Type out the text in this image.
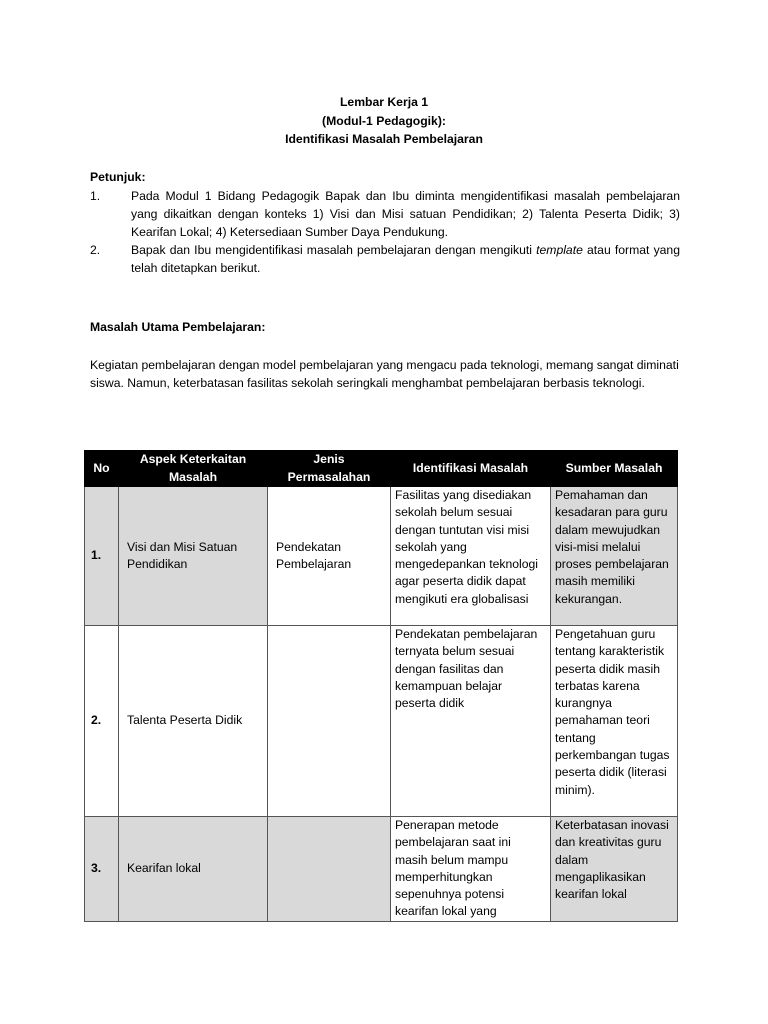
Lembar Kerja 1
(Modul-1 Pedagogik):
Identifikasi Masalah Pembelajaran
Petunjuk:
1.	Pada Modul 1 Bidang Pedagogik Bapak dan Ibu diminta mengidentifikasi masalah pembelajaran yang dikaitkan dengan konteks 1) Visi dan Misi satuan Pendidikan; 2) Talenta Peserta Didik; 3) Kearifan Lokal; 4) Ketersediaan Sumber Daya Pendukung.
2.	Bapak dan Ibu mengidentifikasi masalah pembelajaran dengan mengikuti template atau format yang telah ditetapkan berikut.
Masalah Utama Pembelajaran:
Kegiatan pembelajaran dengan model pembelajaran yang mengacu pada teknologi, memang sangat diminati siswa. Namun, keterbatasan fasilitas sekolah seringkali menghambat pembelajaran berbasis teknologi.
No	Aspek Keterkaitan Masalah	Jenis Permasalahan	Identifikasi Masalah	Sumber Masalah
1.	Visi dan Misi Satuan Pendidikan	Pendekatan Pembelajaran	Fasilitas yang disediakan sekolah belum sesuai dengan tuntutan visi misi sekolah yang mengedepankan teknologi agar peserta didik dapat mengikuti era globalisasi	Pemahaman dan kesadaran para guru dalam mewujudkan visi-misi melalui proses pembelajaran masih memiliki kekurangan.
2.	Talenta Peserta Didik		Pendekatan pembelajaran ternyata belum sesuai dengan fasilitas dan kemampuan belajar peserta didik	Pengetahuan guru tentang karakteristik peserta didik masih terbatas karena kurangnya pemahaman teori tentang perkembangan tugas peserta didik (literasi minim).
3.	Kearifan lokal		Penerapan metode pembelajaran saat ini masih belum mampu memperhitungkan sepenuhnya potensi kearifan lokal yang	Keterbatasan inovasi dan kreativitas guru dalam mengaplikasikan kearifan lokal
